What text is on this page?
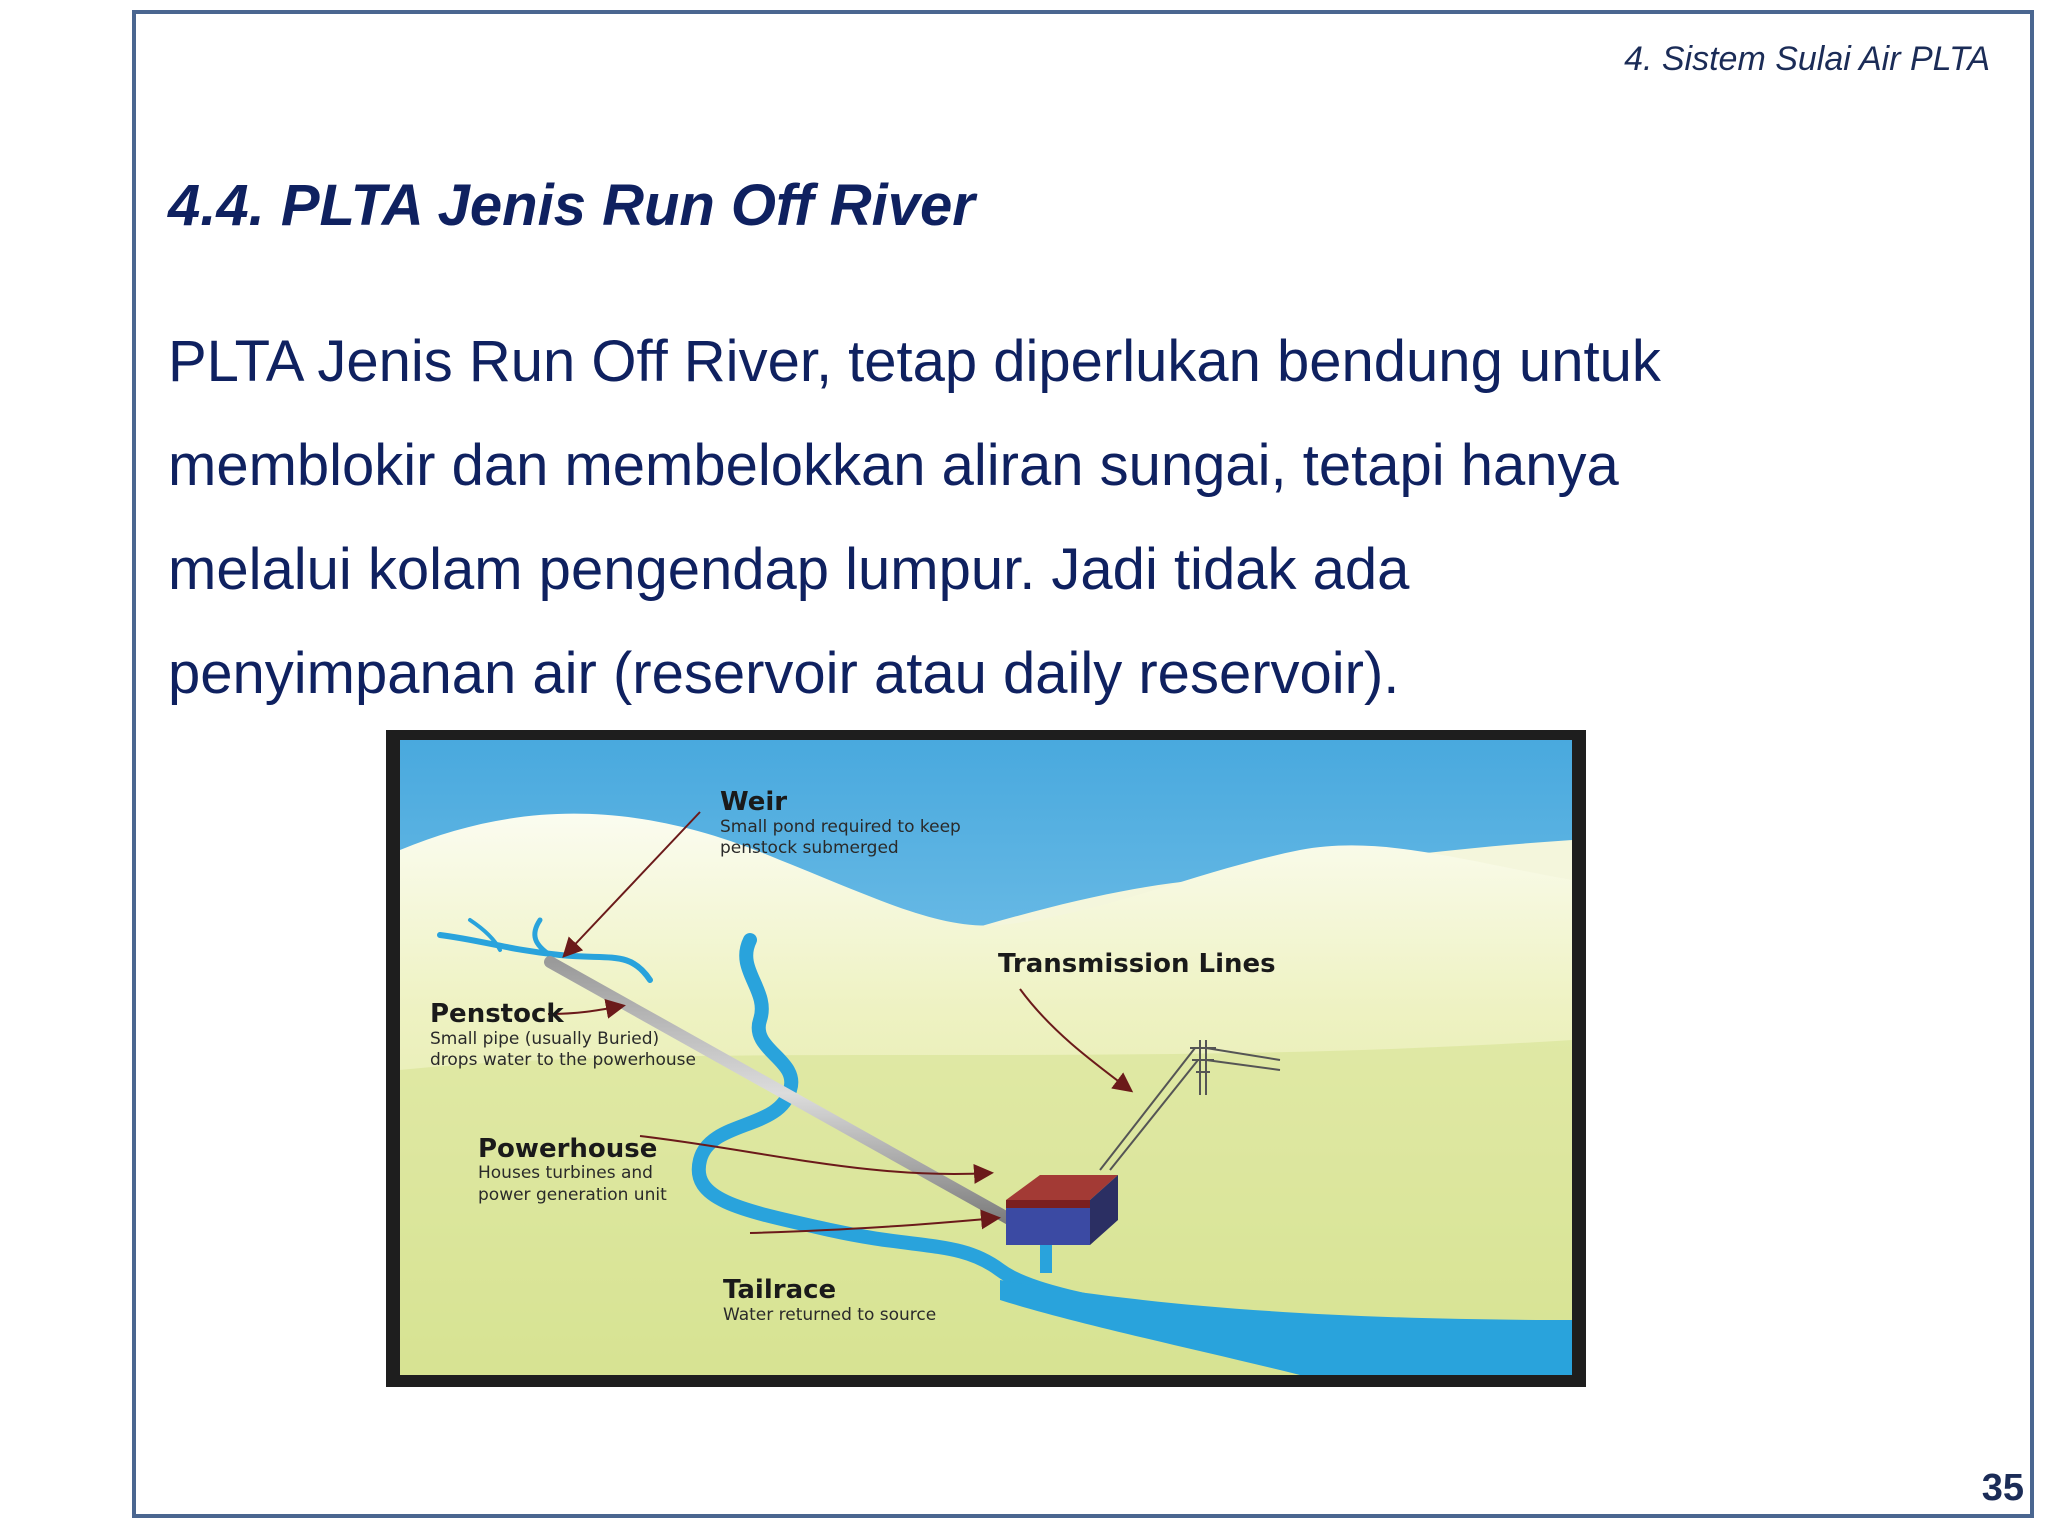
4. Sistem Sulai Air PLTA
4.4. PLTA Jenis Run Off River

PLTA Jenis Run Off River, tetap diperlukan bendung untuk
memblokir dan membelokkan aliran sungai, tetapi hanya
melalui kolam pengendap lumpur. Jadi tidak ada
penyimpanan air (reservoir atau daily reservoir).

Weir
Small pond required to keep
penstock submerged
Penstock
Small pipe (usually Buried)
drops water to the powerhouse
Powerhouse
Houses turbines and
power generation unit
Tailrace
Water returned to source
Transmission Lines
35
